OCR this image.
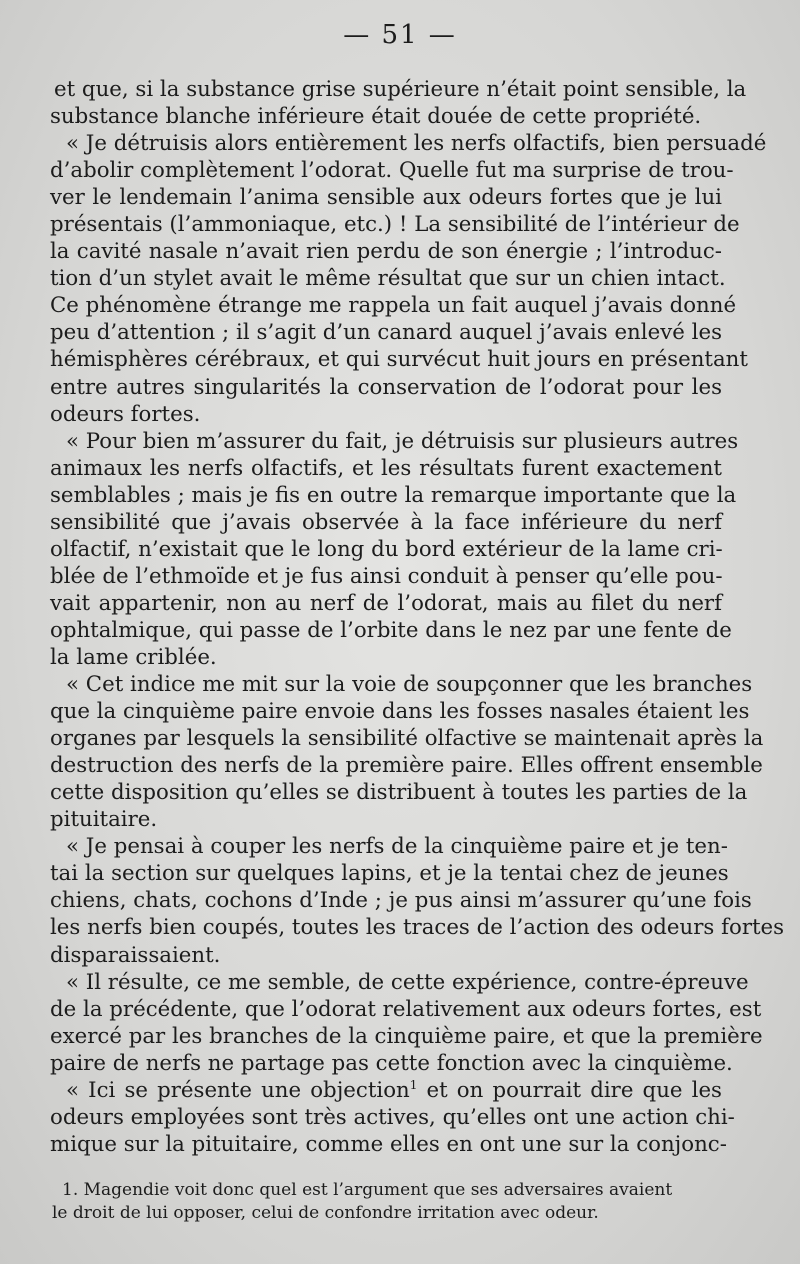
— 51 —
et que, si la substance grise supérieure n’était point sensible, la
substance blanche inférieure était douée de cette propriété.
« Je détruisis alors entièrement les nerfs olfactifs, bien persuadé
d’abolir complètement l’odorat. Quelle fut ma surprise de trou-
ver le lendemain l’anima sensible aux odeurs fortes que je lui
présentais (l’ammoniaque, etc.) ! La sensibilité de l’intérieur de
la cavité nasale n’avait rien perdu de son énergie ; l’introduc-
tion d’un stylet avait le même résultat que sur un chien intact.
Ce phénomène étrange me rappela un fait auquel j’avais donné
peu d’attention ; il s’agit d’un canard auquel j’avais enlevé les
hémisphères cérébraux, et qui survécut huit jours en présentant
entre autres singularités la conservation de l’odorat pour les
odeurs fortes.
« Pour bien m’assurer du fait, je détruisis sur plusieurs autres
animaux les nerfs olfactifs, et les résultats furent exactement
semblables ; mais je fis en outre la remarque importante que la
sensibilité que j’avais observée à la face inférieure du nerf
olfactif, n’existait que le long du bord extérieur de la lame cri-
blée de l’ethmoïde et je fus ainsi conduit à penser qu’elle pou-
vait appartenir, non au nerf de l’odorat, mais au filet du nerf
ophtalmique, qui passe de l’orbite dans le nez par une fente de
la lame criblée.
« Cet indice me mit sur la voie de soupçonner que les branches
que la cinquième paire envoie dans les fosses nasales étaient les
organes par lesquels la sensibilité olfactive se maintenait après la
destruction des nerfs de la première paire. Elles offrent ensemble
cette disposition qu’elles se distribuent à toutes les parties de la
pituitaire.
« Je pensai à couper les nerfs de la cinquième paire et je ten-
tai la section sur quelques lapins, et je la tentai chez de jeunes
chiens, chats, cochons d’Inde ; je pus ainsi m’assurer qu’une fois
les nerfs bien coupés, toutes les traces de l’action des odeurs fortes
disparaissaient.
« Il résulte, ce me semble, de cette expérience, contre-épreuve
de la précédente, que l’odorat relativement aux odeurs fortes, est
exercé par les branches de la cinquième paire, et que la première
paire de nerfs ne partage pas cette fonction avec la cinquième.
« Ici se présente une objection$^1$ et on pourrait dire que les
odeurs employées sont très actives, qu’elles ont une action chi-
mique sur la pituitaire, comme elles en ont une sur la conjonc-
1. Magendie voit donc quel est l’argument que ses adversaires avaient
le droit de lui opposer, celui de confondre irritation avec odeur.
